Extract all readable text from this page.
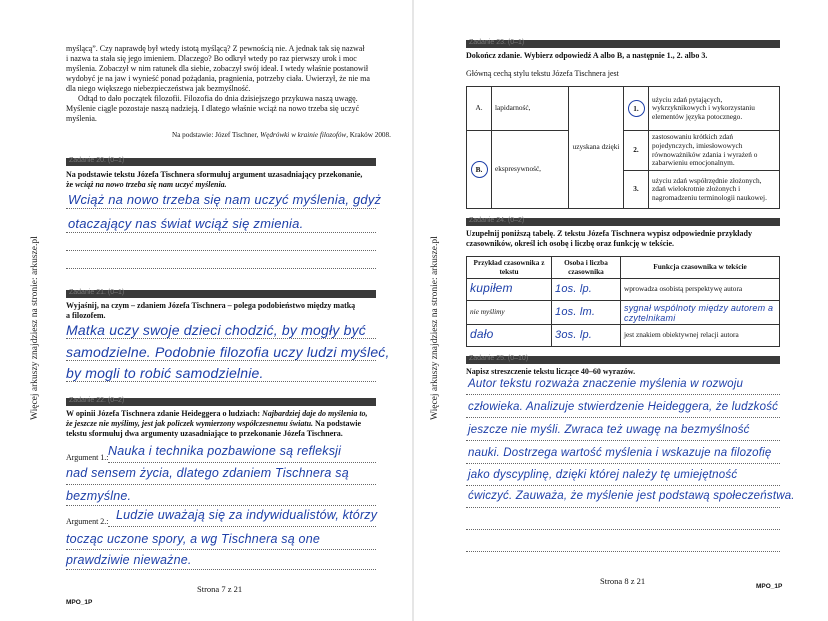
Więcej arkuszy znajdziesz na stronie: arkusze.pl

myślącą”. Czy naprawdę był wtedy istotą myślącą? Z pewnością nie. A jednak tak się nazwał

i nazwa ta stała się jego imieniem. Dlaczego? Bo odkrył wtedy po raz pierwszy urok i moc

myślenia. Zobaczył w nim ratunek dla siebie, zobaczył swój ideał. I wtedy właśnie postanowił

wydobyć je na jaw i wynieść ponad pożądania, pragnienia, potrzeby ciała. Uwierzył, że nie ma

dla niego większego niebezpieczeństwa jak bezmyślność.

Odtąd to dało początek filozofii. Filozofia do dnia dzisiejszego przykuwa naszą uwagę.

Myślenie ciągle pozostaje naszą nadzieją. I dlatego właśnie wciąż na nowo trzeba się uczyć

myślenia.

Na podstawie: Józef Tischner, Wędrówki w krainie filozofów, Kraków 2008.

Zadanie 20. (0–1)

Na podstawie tekstu Józefa Tischnera sformułuj argument uzasadniający przekonanie,

że wciąż na nowo trzeba się nam uczyć myślenia.

Wciąż na nowo trzeba się nam uczyć myślenia, gdyż
otaczający nas świat wciąż się zmienia.
Zadanie 21. (0–1)

Wyjaśnij, na czym – zdaniem Józefa Tischnera – polega podobieństwo między matką

a filozofem.

Matka uczy swoje dzieci chodzić, by mogły być
samodzielne. Podobnie filozofia uczy ludzi myśleć,
by mogli to robić samodzielnie.
Zadanie 22. (0–2)

W opinii Józefa Tischnera zdanie Heideggera o ludziach: Najbardziej daje do myślenia to,

że jeszcze nie myślimy, jest jak policzek wymierzony współczesnemu światu. Na podstawie

tekstu sformułuj dwa argumenty uzasadniające to przekonanie Józefa Tischnera.

Argument 1.: Nauka i technika pozbawione są refleksji
nad sensem życia, dlatego zdaniem Tischnera są
bezmyślne.

Argument 2.: Ludzie uważają się za indywidualistów, którzy
tocząc uczone spory, a wg Tischnera są one
prawdziwie nieważne.
Strona 7 z 21
MPO_1P
Więcej arkuszy znajdziesz na stronie: arkusze.pl
Zadanie 23. (0–1)

Dokończ zdanie. Wybierz odpowiedź A albo B, a następnie 1., 2. albo 3.

Główną cechą stylu tekstu Józefa Tischnera jest

A.	lapidarność,	uzyskana dzięki	1.	użyciu zdań pytających, wykrzyknikowych i wykorzystaniu elementów języka potocznego.
B.	ekspresywność,		2.	zastosowaniu krótkich zdań pojedynczych, imiesłowowych równoważników zdania i wyrażeń o zabarwieniu emocjonalnym.
			3.	użyciu zdań współrzędnie złożonych, zdań wielokrotnie złożonych i nagromadzeniu terminologii naukowej.
Zadanie 24. (0–2)

Uzupełnij poniższą tabelę. Z tekstu Józefa Tischnera wypisz odpowiednie przykłady

czasowników, określ ich osobę i liczbę oraz funkcję w tekście.

Przykład czasownika z tekstu	Osoba i liczba czasownika	Funkcja czasownika w tekście
kupiłem	1os. lp.	wprowadza osobistą perspektywę autora
nie myślimy	1os. lm.	sygnał wspólnoty między autorem a czytelnikami

dało	3os. lp.	jest znakiem obiektywnej relacji autora
Zadanie 25. (0–10)

Napisz streszczenie tekstu liczące 40–60 wyrazów.

Autor tekstu rozważa znaczenie myślenia w rozwoju
człowieka. Analizuje stwierdzenie Heideggera, że ludzkość
jeszcze nie myśli. Zwraca też uwagę na bezmyślność
nauki. Dostrzega wartość myślenia i wskazuje na filozofię
jako dyscyplinę, dzięki której należy tę umiejętność
ćwiczyć. Zauważa, że myślenie jest podstawą społeczeństwa.
Strona 8 z 21
MPO_1P
